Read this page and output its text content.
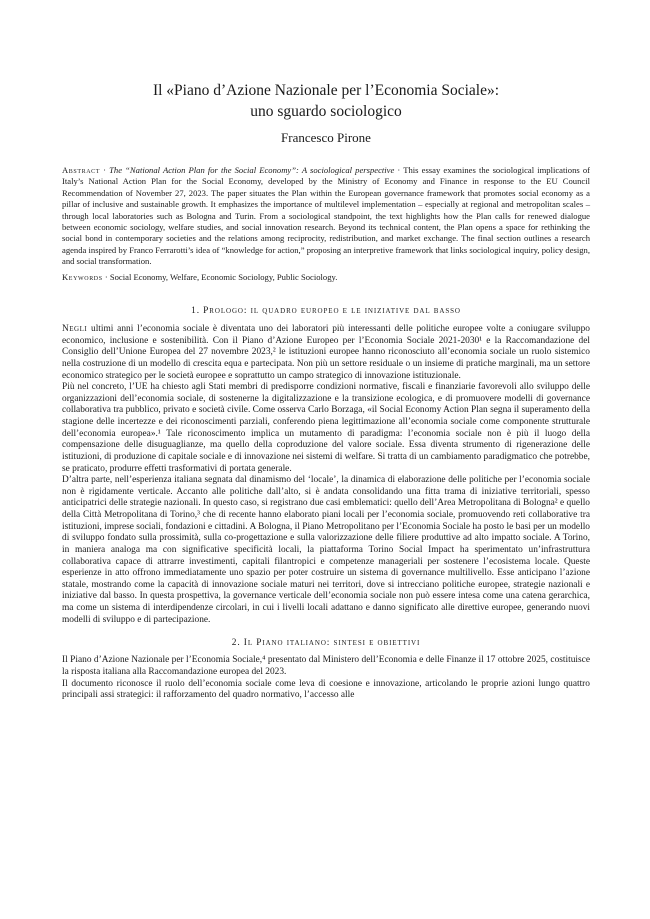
Il «Piano d’Azione Nazionale per l’Economia Sociale»:
uno sguardo sociologico

Francesco Pirone

Abstract · The “National Action Plan for the Social Economy”: A sociological perspective · This essay examines the sociological implications of Italy’s National Action Plan for the Social Economy, developed by the Ministry of Economy and Finance in response to the EU Council Recommendation of November 27, 2023. The paper situates the Plan within the European governance framework that promotes social economy as a pillar of inclusive and sustainable growth. It emphasizes the importance of multilevel implementation – especially at regional and metropolitan scales – through local laboratories such as Bologna and Turin. From a sociological standpoint, the text highlights how the Plan calls for renewed dialogue between economic sociology, welfare studies, and social innovation research. Beyond its technical content, the Plan opens a space for rethinking the social bond in contemporary societies and the relations among reciprocity, redistribution, and market exchange. The final section outlines a research agenda inspired by Franco Ferrarotti’s idea of “knowledge for action,” proposing an interpretive framework that links sociological inquiry, policy design, and social transformation.

Keywords · Social Economy, Welfare, Economic Sociology, Public Sociology.

1. Prologo: il quadro europeo e le iniziative dal basso

Negli ultimi anni l’economia sociale è diventata uno dei laboratori più interessanti delle politiche europee volte a coniugare sviluppo economico, inclusione e sostenibilità. Con il Piano d’Azione Europeo per l’Economia Sociale 2021-2030¹ e la Raccomandazione del Consiglio dell’Unione Europea del 27 novembre 2023,² le istituzioni europee hanno riconosciuto all’economia sociale un ruolo sistemico nella costruzione di un modello di crescita equa e partecipata. Non più un settore residuale o un insieme di pratiche marginali, ma un settore economico strategico per le società europee e soprattutto un campo strategico di innovazione istituzionale.

Più nel concreto, l’UE ha chiesto agli Stati membri di predisporre condizioni normative, fiscali e finanziarie favorevoli allo sviluppo delle organizzazioni dell’economia sociale, di sostenerne la digitalizzazione e la transizione ecologica, e di promuovere modelli di governance collaborativa tra pubblico, privato e società civile. Come osserva Carlo Borzaga, «il Social Economy Action Plan segna il superamento della stagione delle incertezze e dei riconoscimenti parziali, conferendo piena legittimazione all’economia sociale come componente strutturale dell’economia europea».¹ Tale riconoscimento implica un mutamento di paradigma: l’economia sociale non è più il luogo della compensazione delle disuguaglianze, ma quello della coproduzione del valore sociale. Essa diventa strumento di rigenerazione delle istituzioni, di produzione di capitale sociale e di innovazione nei sistemi di welfare. Si tratta di un cambiamento paradigmatico che potrebbe, se praticato, produrre effetti trasformativi di portata generale.

D’altra parte, nell’esperienza italiana segnata dal dinamismo del ‘locale’, la dinamica di elaborazione delle politiche per l’economia sociale non è rigidamente verticale. Accanto alle politiche dall’alto, si è andata consolidando una fitta trama di iniziative territoriali, spesso anticipatrici delle strategie nazionali. In questo caso, si registrano due casi emblematici: quello dell’Area Metropolitana di Bologna² e quello della Città Metropolitana di Torino,³ che di recente hanno elaborato piani locali per l’economia sociale, promuovendo reti collaborative tra istituzioni, imprese sociali, fondazioni e cittadini. A Bologna, il Piano Metropolitano per l’Economia Sociale ha posto le basi per un modello di sviluppo fondato sulla prossimità, sulla co-progettazione e sulla valorizzazione delle filiere produttive ad alto impatto sociale. A Torino, in maniera analoga ma con significative specificità locali, la piattaforma Torino Social Impact ha sperimentato un’infrastruttura collaborativa capace di attrarre investimenti, capitali filantropici e competenze manageriali per sostenere l’ecosistema locale. Queste esperienze in atto offrono immediatamente uno spazio per poter costruire un sistema di governance multilivello. Esse anticipano l’azione statale, mostrando come la capacità di innovazione sociale maturi nei territori, dove si intrecciano politiche europee, strategie nazionali e iniziative dal basso. In questa prospettiva, la governance verticale dell’economia sociale non può essere intesa come una catena gerarchica, ma come un sistema di interdipendenze circolari, in cui i livelli locali adattano e danno significato alle direttive europee, generando nuovi modelli di sviluppo e di partecipazione.

2. Il Piano italiano: sintesi e obiettivi

Il Piano d’Azione Nazionale per l’Economia Sociale,⁴ presentato dal Ministero dell’Economia e delle Finanze il 17 ottobre 2025, costituisce la risposta italiana alla Raccomandazione europea del 2023.

Il documento riconosce il ruolo dell’economia sociale come leva di coesione e innovazione, articolando le proprie azioni lungo quattro principali assi strategici: il rafforzamento del quadro normativo, l’accesso alle
